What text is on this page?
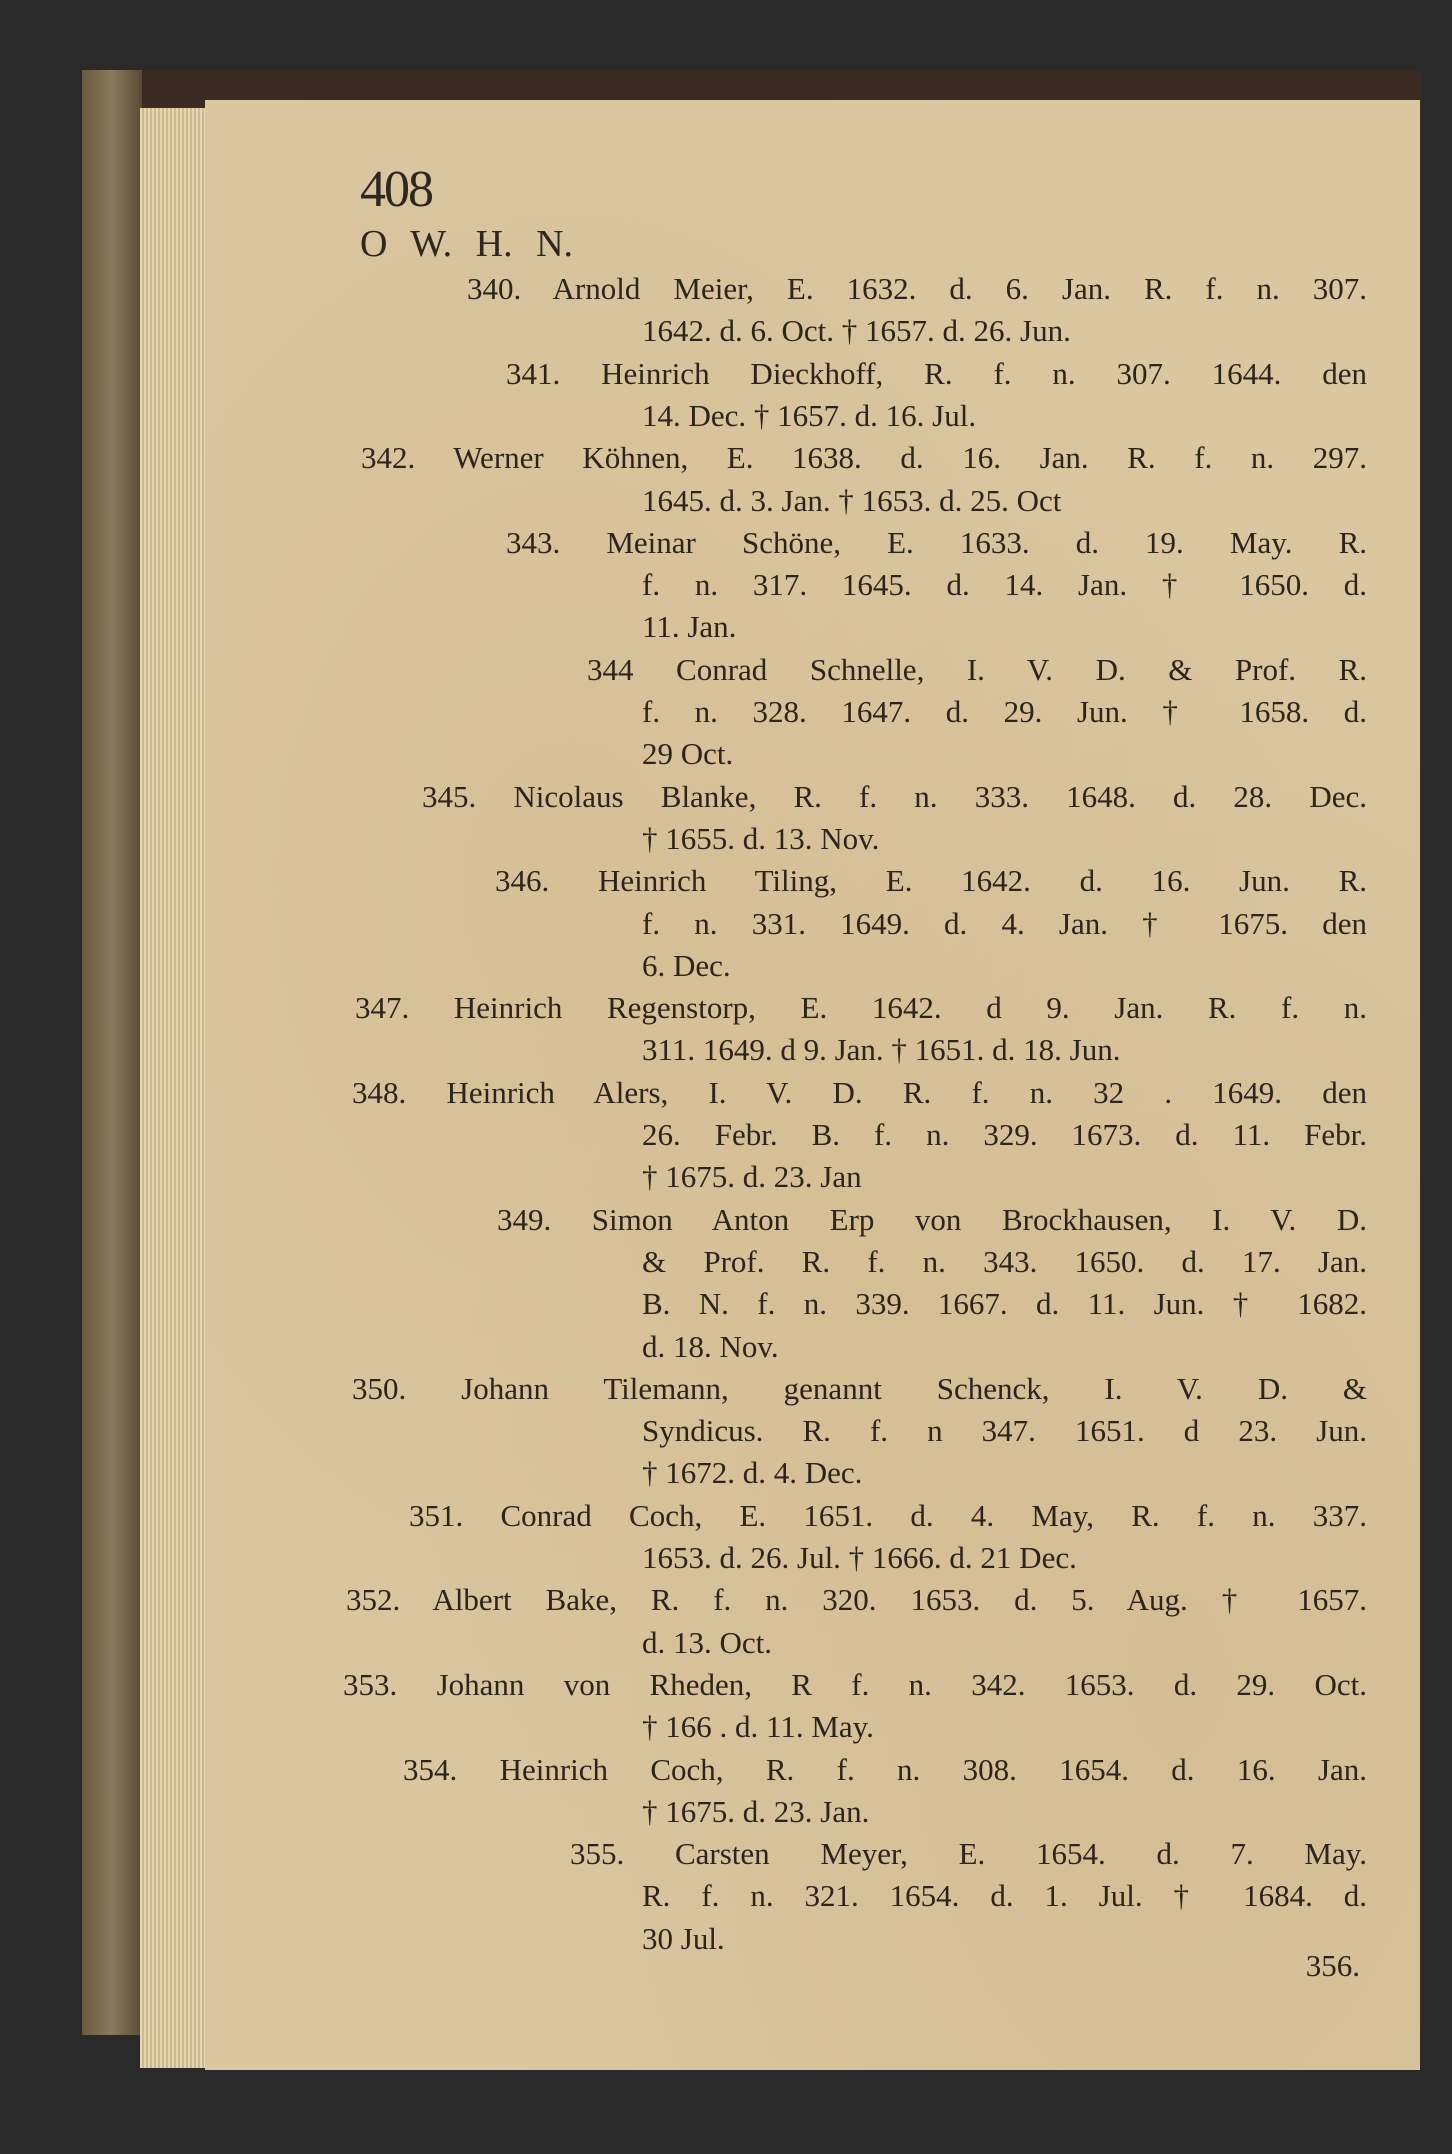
408
O W. H. N.
340. Arnold Meier, E. 1632. d. 6. Jan. R. f. n. 307.
1642. d. 6. Oct. † 1657. d. 26. Jun.
341. Heinrich Dieckhoff, R. f. n. 307. 1644. den
14. Dec. † 1657. d. 16. Jul.
342. Werner Köhnen, E. 1638. d. 16. Jan. R. f. n. 297.
1645. d. 3. Jan. † 1653. d. 25. Oct
343. Meinar Schöne, E. 1633. d. 19. May. R.
f. n. 317. 1645. d. 14. Jan. † 1650. d.
11. Jan.
344 Conrad Schnelle, I. V. D. & Prof. R.
f. n. 328. 1647. d. 29. Jun. † 1658. d.
29 Oct.
345. Nicolaus Blanke, R. f. n. 333. 1648. d. 28. Dec.
† 1655. d. 13. Nov.
346. Heinrich Tiling, E. 1642. d. 16. Jun. R.
f. n. 331. 1649. d. 4. Jan. † 1675. den
6. Dec.
347. Heinrich Regenstorp, E. 1642. d 9. Jan. R. f. n.
311. 1649. d 9. Jan. † 1651. d. 18. Jun.
348. Heinrich Alers, I. V. D. R. f. n. 32 . 1649. den
26. Febr. B. f. n. 329. 1673. d. 11. Febr.
† 1675. d. 23. Jan
349. Simon Anton Erp von Brockhausen, I. V. D.
& Prof. R. f. n. 343. 1650. d. 17. Jan.
B. N. f. n. 339. 1667. d. 11. Jun. † 1682.
d. 18. Nov.
350. Johann Tilemann, genannt Schenck, I. V. D. &
Syndicus. R. f. n 347. 1651. d 23. Jun.
† 1672. d. 4. Dec.
351. Conrad Coch, E. 1651. d. 4. May, R. f. n. 337.
1653. d. 26. Jul. † 1666. d. 21 Dec.
352. Albert Bake, R. f. n. 320. 1653. d. 5. Aug. † 1657.
d. 13. Oct.
353. Johann von Rheden, R f. n. 342. 1653. d. 29. Oct.
† 166 . d. 11. May.
354. Heinrich Coch, R. f. n. 308. 1654. d. 16. Jan.
† 1675. d. 23. Jan.
355. Carsten Meyer, E. 1654. d. 7. May.
R. f. n. 321. 1654. d. 1. Jul. † 1684. d.
30 Jul.
356.
